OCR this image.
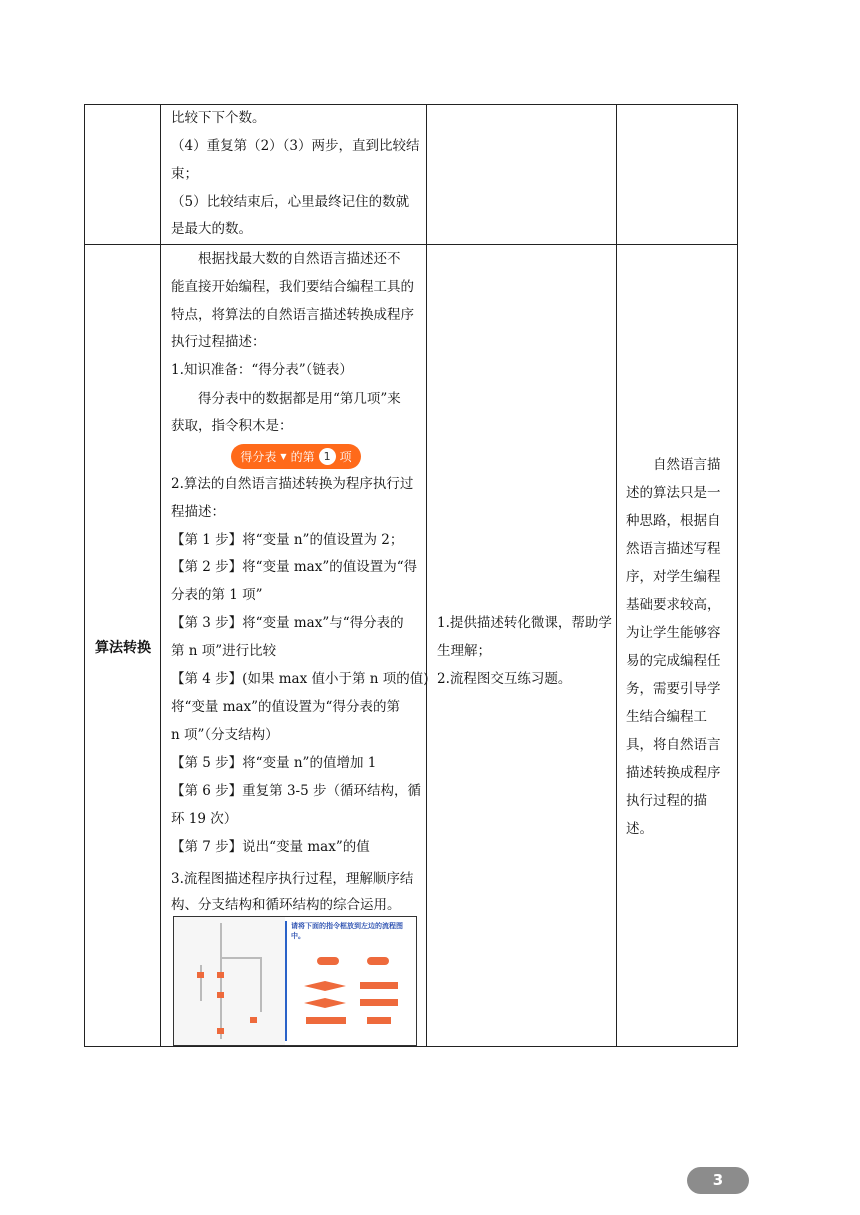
比较下下个数。
（4）重复第（2）（3）两步，直到比较结
束；
（5）比较结束后，心里最终记住的数就
是最大的数。
算法转换
　　根据找最大数的自然语言描述还不
能直接开始编程，我们要结合编程工具的
特点，将算法的自然语言描述转换成程序
执行过程描述：
1.知识准备：“得分表”（链表）
　　得分表中的数据都是用“第几项”来
获取，指令积木是：
得分表 ▼ 的第 1 项
2.算法的自然语言描述转换为程序执行过
程描述：
【第 1 步】将“变量 n”的值设置为 2；
【第 2 步】将“变量 max”的值设置为“得
分表的第 1 项”
【第 3 步】将“变量 max”与“得分表的
第 n 项”进行比较
【第 4 步】(如果 max 值小于第 n 项的值)
将“变量 max”的值设置为“得分表的第
n 项”（分支结构）
【第 5 步】将“变量 n”的值增加 1
【第 6 步】重复第 3-5 步（循环结构，循
环 19 次）
【第 7 步】说出“变量 max”的值
3.流程图描述程序执行过程，理解顺序结
构、分支结构和循环结构的综合运用。
请将下面的指令框放到左边的流程图中。
1.提供描述转化微课，帮助学
生理解；
2.流程图交互练习题。
　　自然语言描
述的算法只是一
种思路，根据自
然语言描述写程
序，对学生编程
基础要求较高，
为让学生能够容
易的完成编程任
务，需要引导学
生结合编程工
具，将自然语言
描述转换成程序
执行过程的描
述。
3
